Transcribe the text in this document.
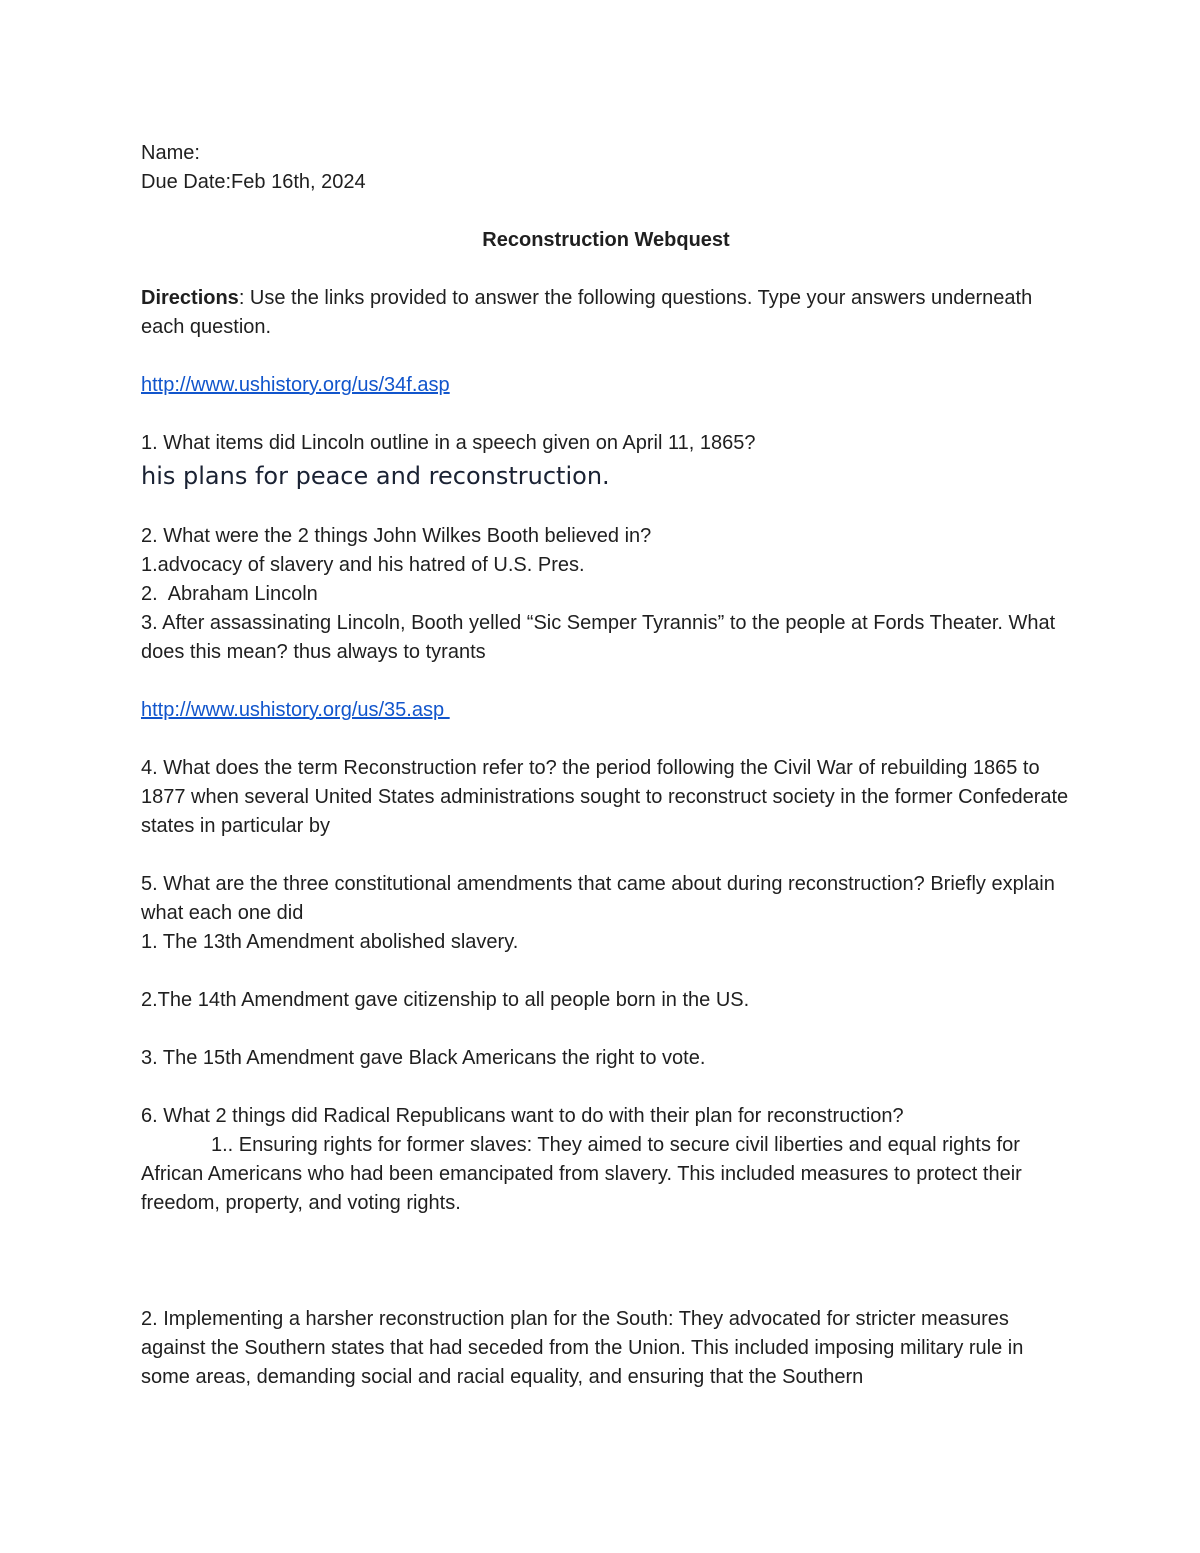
Name:

Due Date:Feb 16th, 2024

Reconstruction Webquest

Directions: Use the links provided to answer the following questions. Type your answers underneath each question.

http://www.ushistory.org/us/34f.asp

1. What items did Lincoln outline in a speech given on April 11, 1865?

his plans for peace and reconstruction.

2. What were the 2 things John Wilkes Booth believed in?

1.advocacy of slavery and his hatred of U.S. Pres.

2.  Abraham Lincoln

3. After assassinating Lincoln, Booth yelled “Sic Semper Tyrannis” to the people at Fords Theater. What does this mean? thus always to tyrants

http://www.ushistory.org/us/35.asp

4. What does the term Reconstruction refer to? the period following the Civil War of rebuilding 1865 to 1877 when several United States administrations sought to reconstruct society in the former Confederate states in particular by

5. What are the three constitutional amendments that came about during reconstruction? Briefly explain what each one did

1. The 13th Amendment abolished slavery.

2.The 14th Amendment gave citizenship to all people born in the US.

3. The 15th Amendment gave Black Americans the right to vote.

6. What 2 things did Radical Republicans want to do with their plan for reconstruction?

1.. Ensuring rights for former slaves: They aimed to secure civil liberties and equal rights for African Americans who had been emancipated from slavery. This included measures to protect their freedom, property, and voting rights.

2. Implementing a harsher reconstruction plan for the South: They advocated for stricter measures against the Southern states that had seceded from the Union. This included imposing military rule in some areas, demanding social and racial equality, and ensuring that the Southern
